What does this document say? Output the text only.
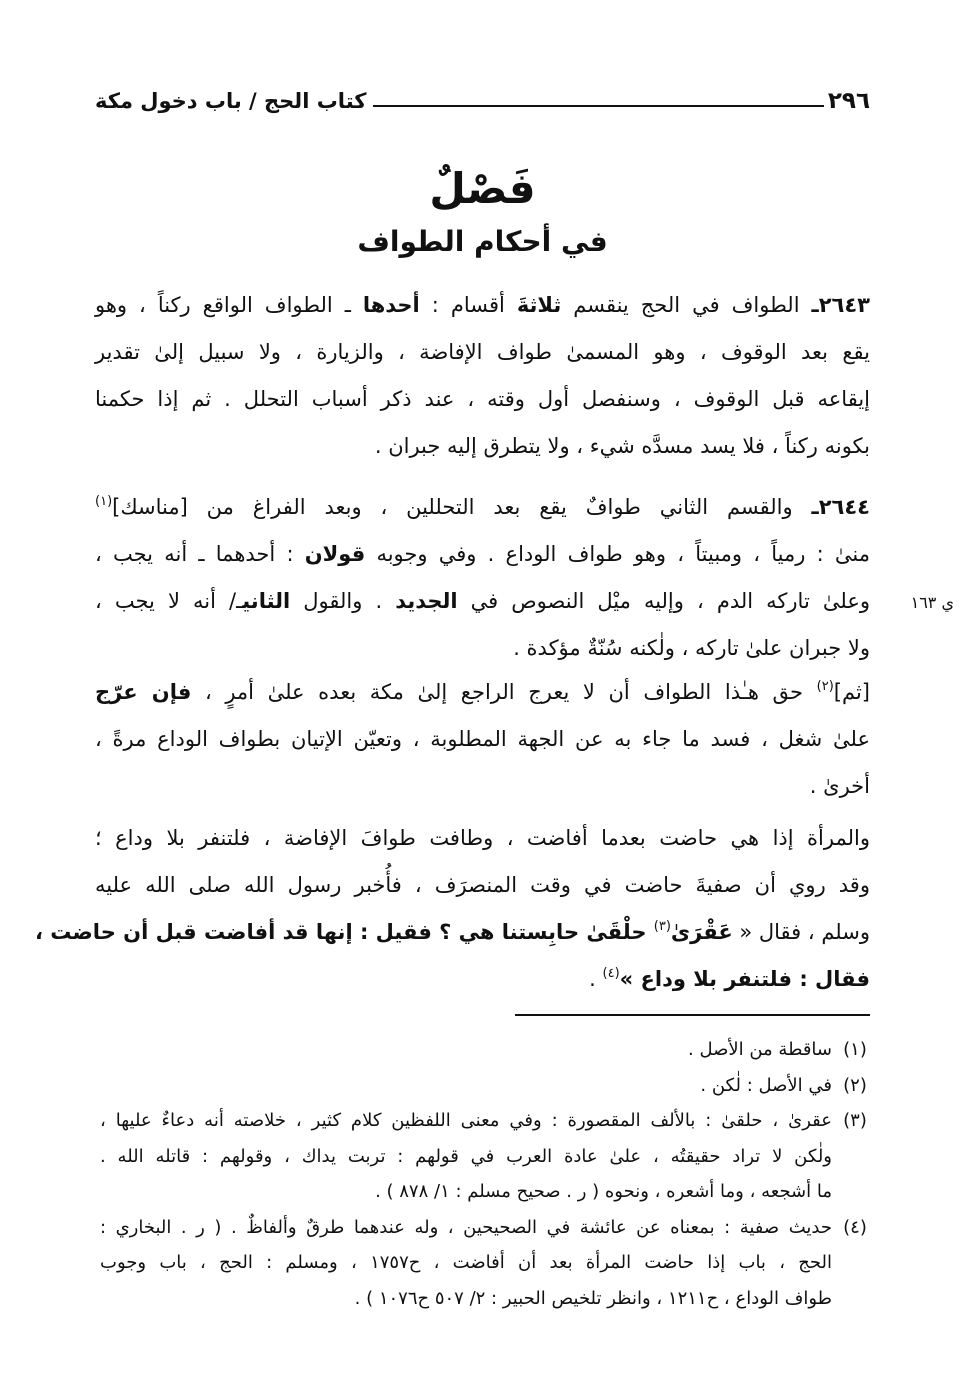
٢٩٦
كتاب الحج / باب دخول مكة
فَصْلٌ
في أحكام الطواف
٢٦٤٣ـ الطواف في الحج ينقسم ثلاثةَ أقسام : أحدها ـ الطواف الواقع ركناً ، وهو
يقع بعد الوقوف ، وهو المسمىٰ طواف الإفاضة ، والزيارة ، ولا سبيل إلىٰ تقدير
إيقاعه قبل الوقوف ، وسنفصل أول وقته ، عند ذكر أسباب التحلل . ثم إذا حكمنا
بكونه ركناً ، فلا يسد مسدَّه شيء ، ولا يتطرق إليه جبران .
٢٦٤٤ـ والقسم الثاني طوافٌ يقع بعد التحللين ، وبعد الفراغ من [مناسك]$^{(١)}$
منىٰ : رمياً ، ومبيتاً ، وهو طواف الوداع . وفي وجوبه قولان : أحدهما ـ أنه يجب ،
وعلىٰ تاركه الدم ، وإليه ميْل النصوص في الجديد . والقول الثانيـ/ أنه لا يجب ،
ولا جبران علىٰ تاركه ، ولٰكنه سُنّةٌ مؤكدة .
[ثم]$^{(٢)}$ حق هـٰذا الطواف أن لا يعرج الراجع إلىٰ مكة بعده علىٰ أمرٍ ، فإن عرّج
علىٰ شغل ، فسد ما جاء به عن الجهة المطلوبة ، وتعيّن الإتيان بطواف الوداع مرةً ،
أخرىٰ .
والمرأة إذا هي حاضت بعدما أفاضت ، وطافت طوافَ الإفاضة ، فلتنفر بلا وداع ؛
وقد روي أن صفيةَ حاضت في وقت المنصرَف ، فأُخبر رسول الله صلى الله عليه
وسلم ، فقال « عَقْرَىٰ$^{(٣)}$ حلْقَىٰ حابِستنا هي ؟ فقيل : إنها قد أفاضت قبل أن حاضت ،
فقال : فلتنفر بلا وداع »$^{(٤)}$ .
ي ١٦٣
(١)
ساقطة من الأصل .
(٢)
في الأصل : لٰكن .
(٣)
عقرىٰ ، حلقىٰ : بالألف المقصورة : وفي معنى اللفظين كلام كثير ، خلاصته أنه دعاءٌ عليها ،
ولٰكن لا تراد حقيقتُه ، علىٰ عادة العرب في قولهم : تربت يداك ، وقولهم : قاتله الله .
ما أشجعه ، وما أشعره ، ونحوه ( ر . صحيح مسلم : ١/ ٨٧٨ ) .
(٤)
حديث صفية : بمعناه عن عائشة في الصحيحين ، وله عندهما طرقٌ وألفاظٌ . ( ر . البخاري :
الحج ، باب إذا حاضت المرأة بعد أن أفاضت ، ح١٧٥٧ ، ومسلم : الحج ، باب وجوب
طواف الوداع ، ح١٢١١ ، وانظر تلخيص الحبير : ٢/ ٥٠٧ ح١٠٧٦ ) .
